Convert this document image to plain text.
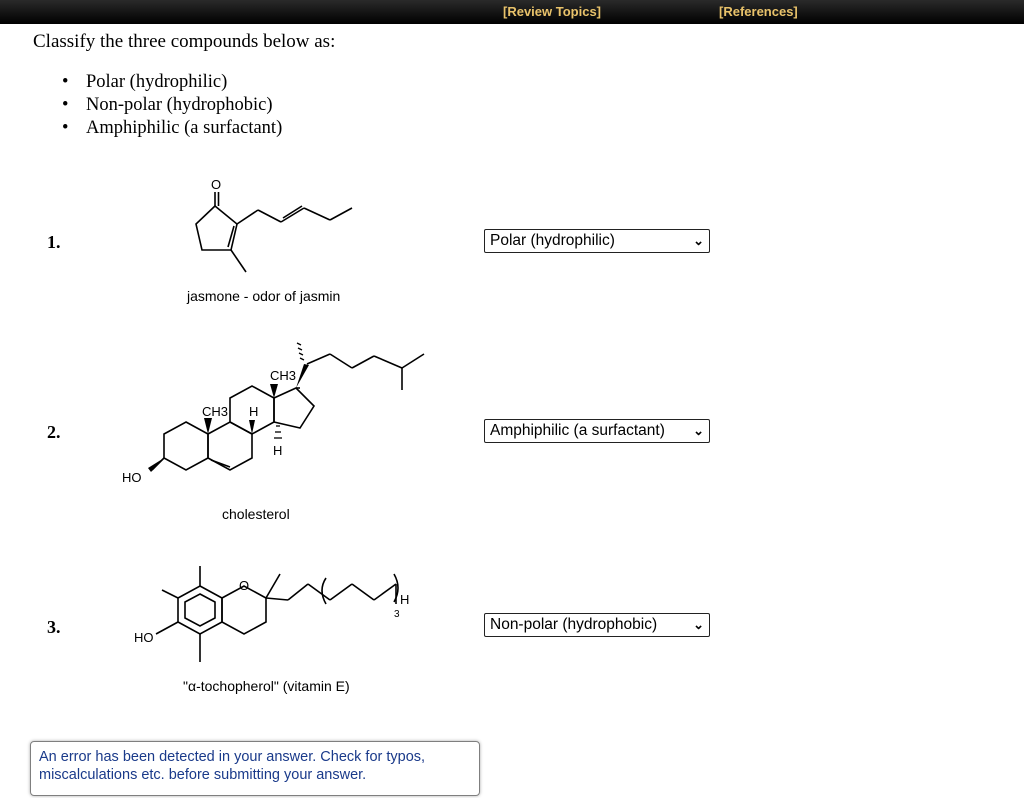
[Review Topics]	[References]
Classify the three compounds below as:
• Polar (hydrophilic)
• Non-polar (hydrophobic)
• Amphiphilic (a surfactant)
1.
O
jasmone - odor of jasmin
Polar (hydrophilic)	⌄
2.
CH3
CH3 H
H
HO
cholesterol
Amphiphilic (a surfactant) ⌄
3.
O
HO
H
3
"α-tochopherol" (vitamin E)
Non-polar (hydrophobic)	⌄
An error has been detected in your answer. Check for typos, miscalculations etc. before submitting your answer.
